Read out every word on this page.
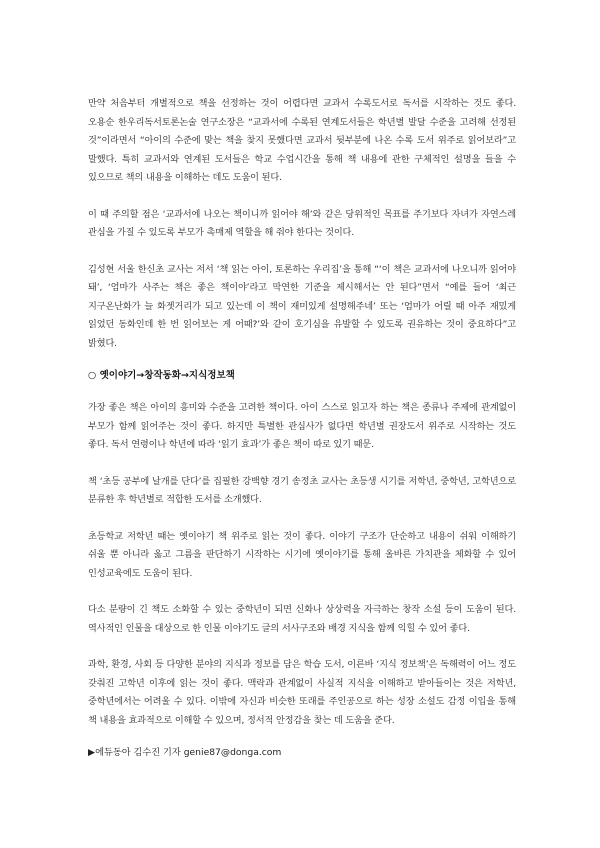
만약 처음부터 개별적으로 책을 선정하는 것이 어렵다면 교과서 수록도서로 독서를 시작하는 것도 좋다. 오용순 한우리독서토론논술 연구소장은 “교과서에 수록된 연계도서들은 학년별 발달 수준을 고려해 선정된 것”이라면서 “아이의 수준에 맞는 책을 찾지 못했다면 교과서 뒷부분에 나온 수록 도서 위주로 읽어보라”고 말했다. 특히 교과서와 연계된 도서들은 학교 수업시간을 통해 책 내용에 관한 구체적인 설명을 들을 수 있으므로 책의 내용을 이해하는 데도 도움이 된다.

이 때 주의할 점은 ‘교과서에 나오는 책이니까 읽어야 해’와 같은 당위적인 목표를 주기보다 자녀가 자연스레 관심을 가질 수 있도록 부모가 촉매제 역할을 해 줘야 한다는 것이다.

김성현 서울 한신초 교사는 저서 ‘책 읽는 아이, 토론하는 우리집’을 통해 “‘이 책은 교과서에 나오니까 읽어야 돼’, ‘엄마가 사주는 책은 좋은 책이야’라고 막연한 기준을 제시해서는 안 된다”면서 “예를 들어 ‘최근 지구온난화가 늘 화젯거리가 되고 있는데 이 책이 재미있게 설명해주네’ 또는 ‘엄마가 어릴 때 아주 재밌게 읽었던 동화인데 한 번 읽어보는 게 어때?’와 같이 호기심을 유발할 수 있도록 권유하는 것이 중요하다”고 밝혔다.

○ 옛이야기→창작동화→지식정보책

가장 좋은 책은 아이의 흥미와 수준을 고려한 책이다. 아이 스스로 읽고자 하는 책은 종류나 주제에 관계없이 부모가 함께 읽어주는 것이 좋다. 하지만 특별한 관심사가 없다면 학년별 권장도서 위주로 시작하는 것도 좋다. 독서 연령이나 학년에 따라 ‘읽기 효과’가 좋은 책이 따로 있기 때문.

책 ‘초등 공부에 날개를 단다’를 집필한 강백향 경기 송정초 교사는 초등생 시기를 저학년, 중학년, 고학년으로 분류한 후 학년별로 적합한 도서를 소개했다.

초등학교 저학년 때는 옛이야기 책 위주로 읽는 것이 좋다. 이야기 구조가 단순하고 내용이 쉬워 이해하기 쉬울 뿐 아니라 옳고 그름을 판단하기 시작하는 시기에 옛이야기를 통해 올바른 가치관을 체화할 수 있어 인성교육에도 도움이 된다.

다소 분량이 긴 책도 소화할 수 있는 중학년이 되면 신화나 상상력을 자극하는 창작 소설 등이 도움이 된다. 역사적인 인물을 대상으로 한 인물 이야기도 글의 서사구조와 배경 지식을 함께 익힐 수 있어 좋다.

과학, 환경, 사회 등 다양한 분야의 지식과 정보를 담은 학습 도서, 이른바 ‘지식 정보책’은 독해력이 어느 정도 갖춰진 고학년 이후에 읽는 것이 좋다. 맥락과 관계없이 사실적 지식을 이해하고 받아들이는 것은 저학년, 중학년에서는 어려울 수 있다. 이밖에 자신과 비슷한 또래를 주인공으로 하는 성장 소설도 감정 이입을 통해 책 내용을 효과적으로 이해할 수 있으며, 정서적 안정감을 찾는 데 도움을 준다.

▶에듀동아 김수진 기자 genie87@donga.com
